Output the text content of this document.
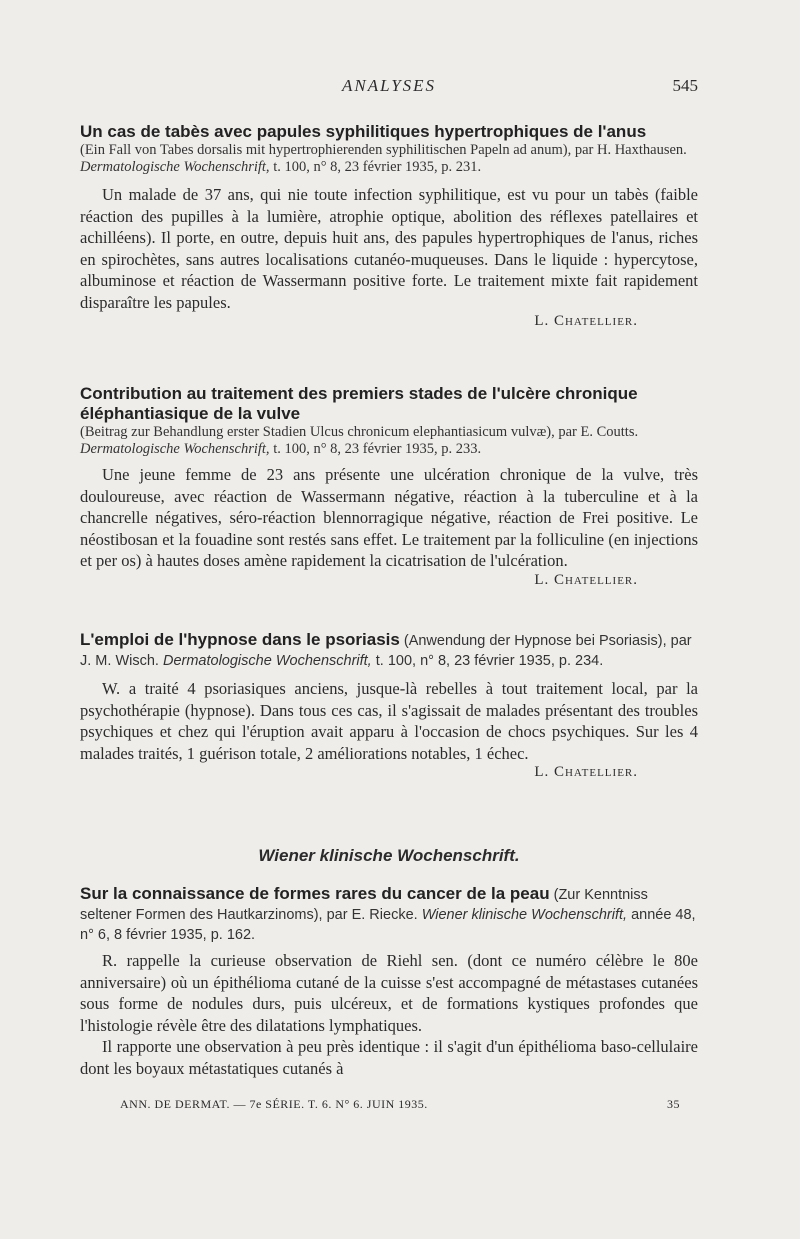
ANALYSES	545
Un cas de tabès avec papules syphilitiques hypertrophiques de l'anus
(Ein Fall von Tabes dorsalis mit hypertrophierenden syphilitischen Papeln ad anum), par H. Haxthausen. Dermatologische Wochenschrift, t. 100, n° 8, 23 février 1935, p. 231.

Un malade de 37 ans, qui nie toute infection syphilitique, est vu pour un tabès (faible réaction des pupilles à la lumière, atrophie optique, abolition des réflexes patellaires et achilléens). Il porte, en outre, depuis huit ans, des papules hypertrophiques de l'anus, riches en spirochètes, sans autres localisations cutanéo-muqueuses. Dans le liquide : hypercytose, albuminose et réaction de Wassermann positive forte. Le traitement mixte fait rapidement disparaître les papules.

L. Chatellier.
Contribution au traitement des premiers stades de l'ulcère chronique éléphantiasique de la vulve
(Beitrag zur Behandlung erster Stadien Ulcus chronicum elephantiasicum vulvæ), par E. Coutts. Dermatologische Wochenschrift, t. 100, n° 8, 23 février 1935, p. 233.

Une jeune femme de 23 ans présente une ulcération chronique de la vulve, très douloureuse, avec réaction de Wassermann négative, réaction à la tuberculine et à la chancrelle négatives, séro-réaction blennorragique négative, réaction de Frei positive. Le néostibosan et la fouadine sont restés sans effet. Le traitement par la folliculine (en injections et per os) à hautes doses amène rapidement la cicatrisation de l'ulcération.

L. Chatellier.
L'emploi de l'hypnose dans le psoriasis (Anwendung der Hypnose bei Psoriasis), par J. M. Wisch. Dermatologische Wochenschrift, t. 100, n° 8, 23 février 1935, p. 234.

W. a traité 4 psoriasiques anciens, jusque-là rebelles à tout traitement local, par la psychothérapie (hypnose). Dans tous ces cas, il s'agissait de malades présentant des troubles psychiques et chez qui l'éruption avait apparu à l'occasion de chocs psychiques. Sur les 4 malades traités, 1 guérison totale, 2 améliorations notables, 1 échec.

L. Chatellier.
Wiener klinische Wochenschrift.
Sur la connaissance de formes rares du cancer de la peau (Zur Kenntniss seltener Formen des Hautkarzinoms), par E. Riecke. Wiener klinische Wochenschrift, année 48, n° 6, 8 février 1935, p. 162.

R. rappelle la curieuse observation de Riehl sen. (dont ce numéro célèbre le 80e anniversaire) où un épithélioma cutané de la cuisse s'est accompagné de métastases cutanées sous forme de nodules durs, puis ulcéreux, et de formations kystiques profondes que l'histologie révèle être des dilatations lymphatiques.

Il rapporte une observation à peu près identique : il s'agit d'un épithélioma baso-cellulaire dont les boyaux métastatiques cutanés à

ANN. DE DERMAT. — 7e SÉRIE. T. 6. N° 6. JUIN 1935.	35
